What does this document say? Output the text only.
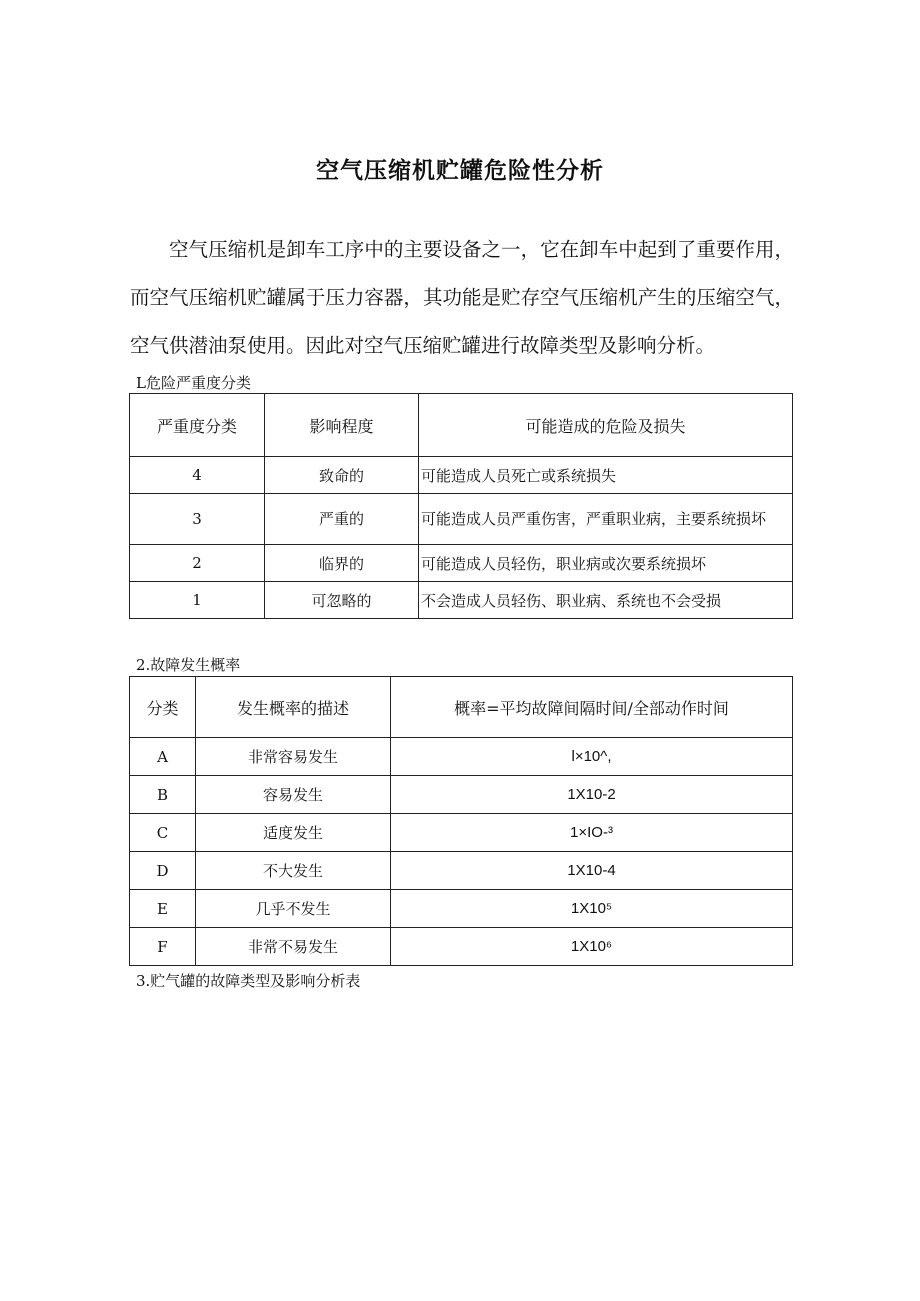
空气压缩机贮罐危险性分析

空气压缩机是卸车工序中的主要设备之一，它在卸车中起到了重要作用，而空气压缩机贮罐属于压力容器，其功能是贮存空气压缩机产生的压缩空气，空气供潜油泵使用。因此对空气压缩贮罐进行故障类型及影响分析。

L危险严重度分类
严重度分类	影响程度	可能造成的危险及损失
4	致命的	可能造成人员死亡或系统损失
3	严重的	可能造成人员严重伤害，严重职业病，主要系统损坏
2	临界的	可能造成人员轻伤，职业病或次要系统损坏
1	可忽略的	不会造成人员轻伤、职业病、系统也不会受损
2.故障发生概率
分类	发生概率的描述	概率=平均故障间隔时间/全部动作时间
A	非常容易发生	l×10^,
B	容易发生	1X10-2
C	适度发生	1×IO-³
D	不大发生	1X10-4
E	几乎不发生	1X10⁵
F	非常不易发生	1X10⁶
3.贮气罐的故障类型及影响分析表
